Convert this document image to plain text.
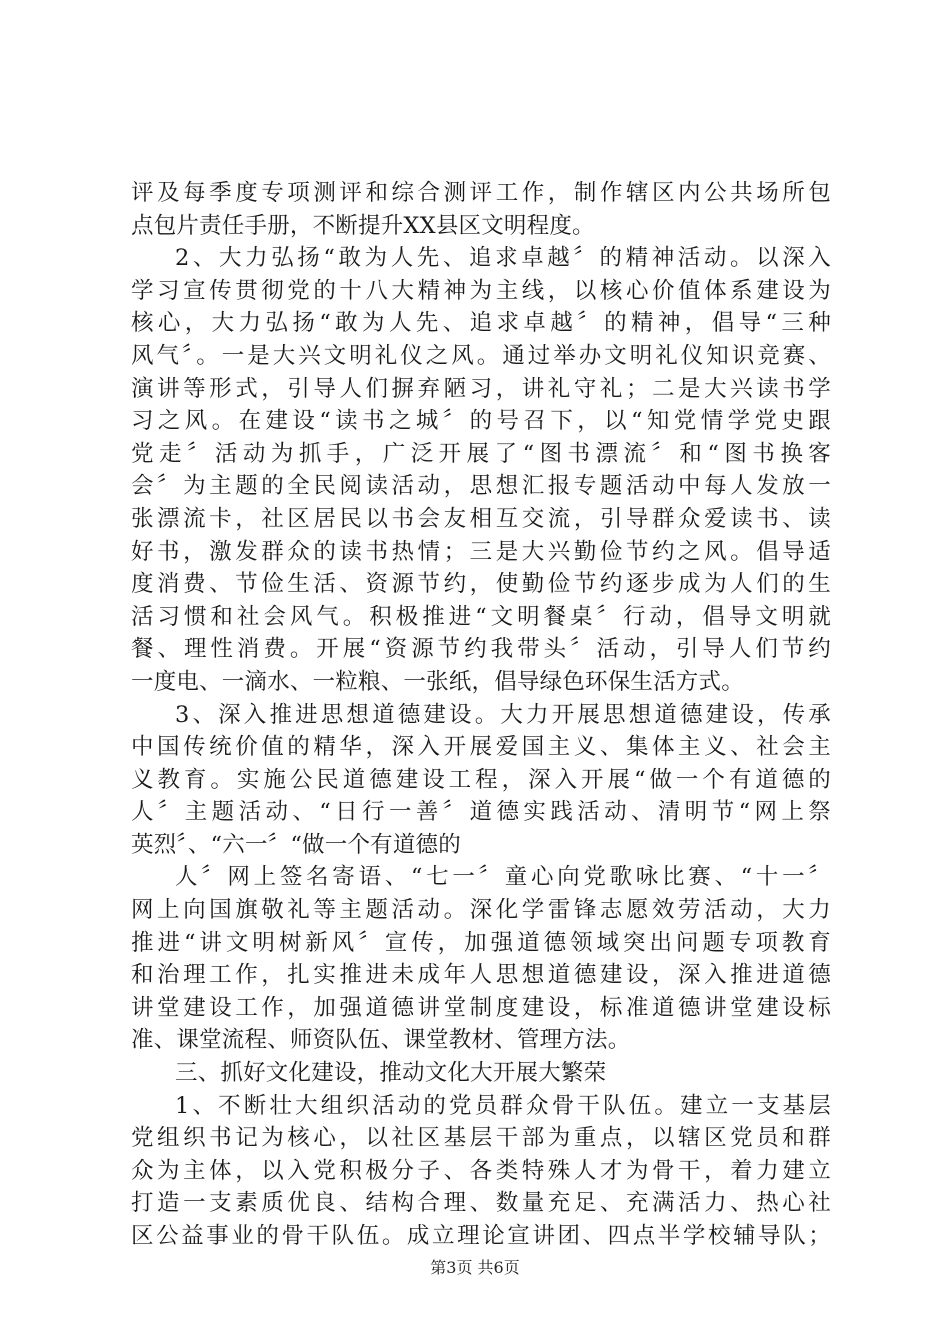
评及每季度专项测评和综合测评工作，制作辖区内公共场所包
点包片责任手册，不断提升XX县区文明程度。
2、大力弘扬“敢为人先、追求卓越〞的精神活动。以深入
学习宣传贯彻党的十八大精神为主线，以核心价值体系建设为
核心，大力弘扬“敢为人先、追求卓越〞的精神，倡导“三种
风气〞。一是大兴文明礼仪之风。通过举办文明礼仪知识竞赛、
演讲等形式，引导人们摒弃陋习，讲礼守礼；二是大兴读书学
习之风。在建设“读书之城〞的号召下，以“知党情学党史跟
党走〞活动为抓手，广泛开展了“图书漂流〞和“图书换客
会〞为主题的全民阅读活动，思想汇报专题活动中每人发放一
张漂流卡，社区居民以书会友相互交流，引导群众爱读书、读
好书，激发群众的读书热情；三是大兴勤俭节约之风。倡导适
度消费、节俭生活、资源节约，使勤俭节约逐步成为人们的生
活习惯和社会风气。积极推进“文明餐桌〞行动，倡导文明就
餐、理性消费。开展“资源节约我带头〞活动，引导人们节约
一度电、一滴水、一粒粮、一张纸，倡导绿色环保生活方式。
3、深入推进思想道德建设。大力开展思想道德建设，传承
中国传统价值的精华，深入开展爱国主义、集体主义、社会主
义教育。实施公民道德建设工程，深入开展“做一个有道德的
人〞主题活动、“日行一善〞道德实践活动、清明节“网上祭
英烈〞、“六一〞“做一个有道德的
人〞网上签名寄语、“七一〞童心向党歌咏比赛、“十一〞
网上向国旗敬礼等主题活动。深化学雷锋志愿效劳活动，大力
推进“讲文明树新风〞宣传，加强道德领域突出问题专项教育
和治理工作，扎实推进未成年人思想道德建设，深入推进道德
讲堂建设工作，加强道德讲堂制度建设，标准道德讲堂建设标
准、课堂流程、师资队伍、课堂教材、管理方法。
三、抓好文化建设，推动文化大开展大繁荣
1、不断壮大组织活动的党员群众骨干队伍。建立一支基层
党组织书记为核心，以社区基层干部为重点，以辖区党员和群
众为主体，以入党积极分子、各类特殊人才为骨干，着力建立
打造一支素质优良、结构合理、数量充足、充满活力、热心社
区公益事业的骨干队伍。成立理论宣讲团、四点半学校辅导队；
第3页 共6页
